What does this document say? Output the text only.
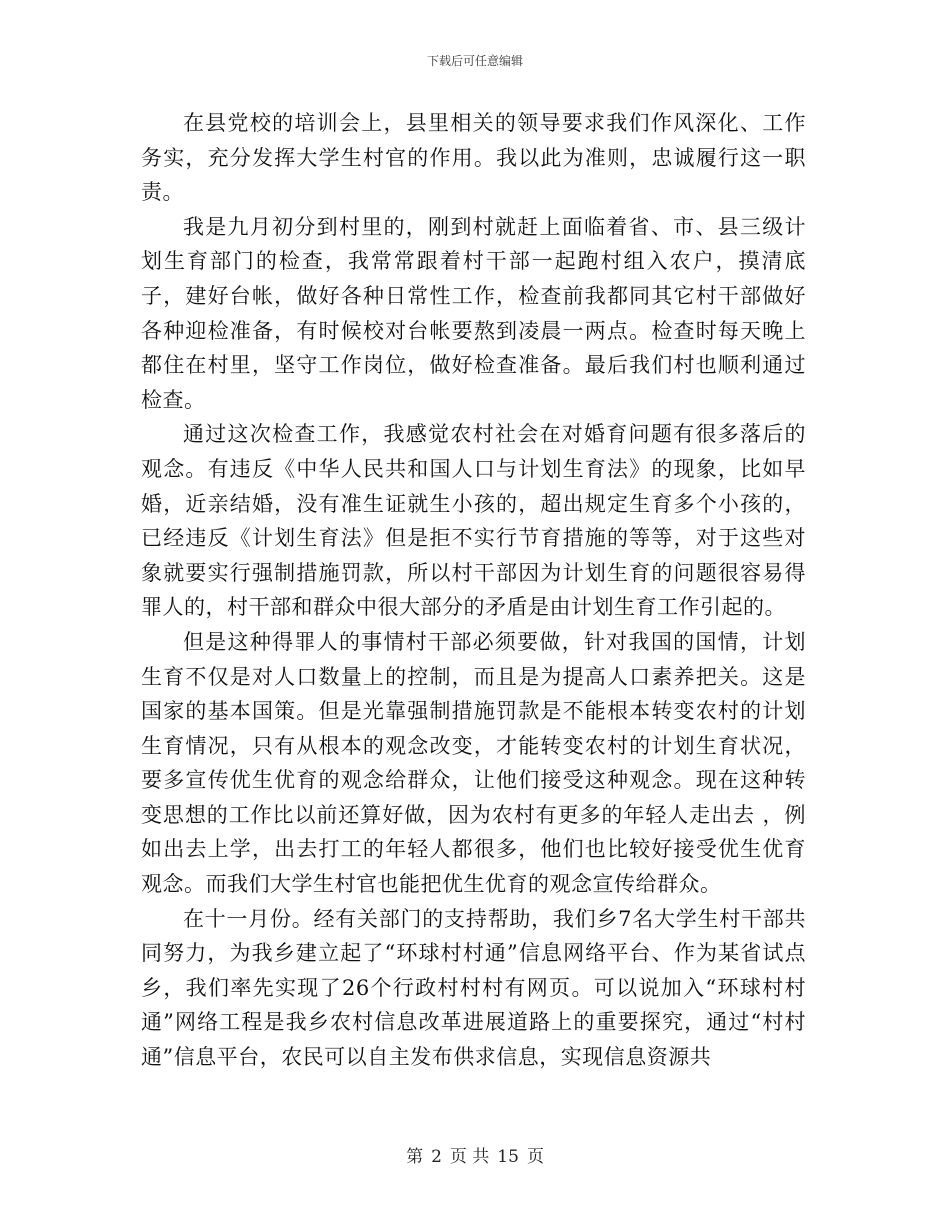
下载后可任意编辑

在县党校的培训会上，县里相关的领导要求我们作风深化、工作务实，充分发挥大学生村官的作用。我以此为准则，忠诚履行这一职责。

我是九月初分到村里的，刚到村就赶上面临着省、市、县三级计划生育部门的检查，我常常跟着村干部一起跑村组入农户，摸清底子，建好台帐，做好各种日常性工作，检查前我都同其它村干部做好各种迎检准备，有时候校对台帐要熬到凌晨一两点。检查时每天晚上都住在村里，坚守工作岗位，做好检查准备。最后我们村也顺利通过检查。

通过这次检查工作，我感觉农村社会在对婚育问题有很多落后的观念。有违反《中华人民共和国人口与计划生育法》的现象，比如早婚，近亲结婚，没有准生证就生小孩的，超出规定生育多个小孩的，已经违反《计划生育法》但是拒不实行节育措施的等等，对于这些对象就要实行强制措施罚款，所以村干部因为计划生育的问题很容易得罪人的，村干部和群众中很大部分的矛盾是由计划生育工作引起的。

但是这种得罪人的事情村干部必须要做，针对我国的国情，计划生育不仅是对人口数量上的控制，而且是为提高人口素养把关。这是国家的基本国策。但是光靠强制措施罚款是不能根本转变农村的计划生育情况，只有从根本的观念改变，才能转变农村的计划生育状况，要多宣传优生优育的观念给群众，让他们接受这种观念。现在这种转变思想的工作比以前还算好做，因为农村有更多的年轻人走出去 ，例如出去上学，出去打工的年轻人都很多，他们也比较好接受优生优育观念。而我们大学生村官也能把优生优育的观念宣传给群众。

在十一月份。经有关部门的支持帮助，我们乡7名大学生村干部共同努力，为我乡建立起了“环球村村通”信息网络平台、作为某省试点乡，我们率先实现了26个行政村村村有网页。可以说加入“环球村村通”网络工程是我乡农村信息改革进展道路上的重要探究，通过“村村通”信息平台，农民可以自主发布供求信息，实现信息资源共

第 2 页 共 15 页
